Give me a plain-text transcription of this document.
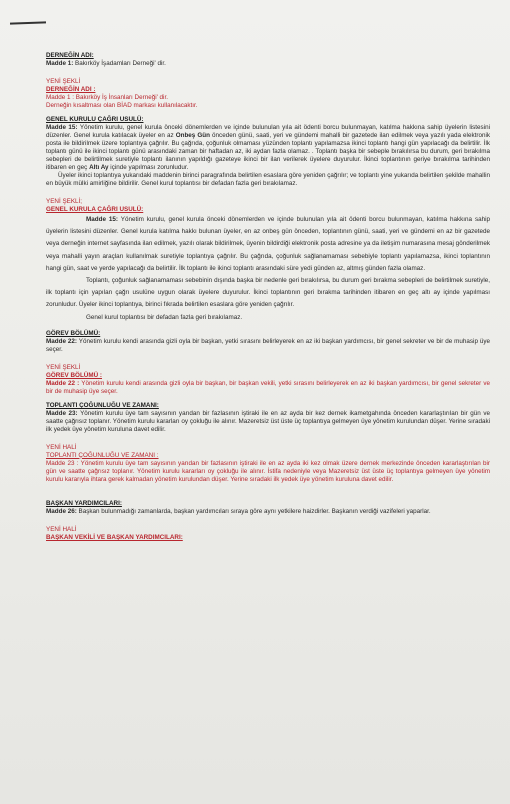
DERNEĞİN ADI:

Madde 1: Bakırköy İşadamları Derneği' dir.

YENİ ŞEKLİ
DERNEĞİN ADI :

Madde 1 : Bakırköy İş İnsanları Derneği' dir.

Derneğin kısaltması olan BİAD markası kullanılacaktır.

GENEL KURULU ÇAĞRI USULÜ:

Madde 15: Yönetim kurulu, genel kurula önceki dönemlerden ve içinde bulunulan yıla ait ödenti borcu bulunmayan, katılma hakkına sahip üyelerin listesini düzenler. Genel kurula katılacak üyeler en az Onbeş Gün önceden günü, saati, yeri ve gündemi mahalli bir gazetede ilan edilmek veya yazılı yada elektronik posta ile bildirilmek üzere toplantıya çağrılır. Bu çağrıda, çoğunluk olmaması yüzünden toplantı yapılamazsa ikinci toplantı hangi gün yapılacağı da belirtilir. İlk toplantı günü ile ikinci toplantı günü arasındaki zaman bir haftadan az, iki aydan fazla olamaz. . Toplantı başka bir sebeple bırakılırsa bu durum, geri bırakılma sebepleri de belirtilmek suretiyle toplantı ilanının yapıldığı gazeteye ikinci bir ilan verilerek üyelere duyurulur. İkinci toplantının geriye bırakılma tarihinden itibaren en geç Altı Ay içinde yapılması zorunludur.

Üyeler ikinci toplantıya yukarıdaki maddenin birinci paragrafında belirtilen esaslara göre yeniden çağrılır; ve toplantı yine yukarıda belirtilen şekilde mahallin en büyük mülki amirliğine bildirilir. Genel kurul toplantısı bir defadan fazla geri bırakılamaz.

YENİ ŞEKLİ;
GENEL KURULA ÇAĞRI USULÜ:

Madde 15: Yönetim kurulu, genel kurula önceki dönemlerden ve içinde bulunulan yıla ait ödenti borcu bulunmayan, katılma hakkına sahip üyelerin listesini düzenler. Genel kurula katılma hakkı bulunan üyeler, en az onbeş gün önceden, toplantının günü, saati, yeri ve gündemi en az bir gazetede veya derneğin internet sayfasında ilan edilmek, yazılı olarak bildirilmek, üyenin bildirdiği elektronik posta adresine ya da iletişim numarasına mesaj gönderilmek veya mahalli yayın araçları kullanılmak suretiyle toplantıya çağrılır. Bu çağrıda, çoğunluk sağlanamaması sebebiyle toplantı yapılamazsa, ikinci toplantının hangi gün, saat ve yerde yapılacağı da belirtilir. İlk toplantı ile ikinci toplantı arasındaki süre yedi günden az, altmış günden fazla olamaz.

Toplantı, çoğunluk sağlanamaması sebebinin dışında başka bir nedenle geri bırakılırsa, bu durum geri bırakma sebepleri de belirtilmek suretiyle, ilk toplantı için yapılan çağrı usulüne uygun olarak üyelere duyurulur. İkinci toplantının geri bırakma tarihinden itibaren en geç altı ay içinde yapılması zorunludur. Üyeler ikinci toplantıya, birinci fıkrada belirtilen esaslara göre yeniden çağrılır.

Genel kurul toplantısı bir defadan fazla geri bırakılamaz.

GÖREV BÖLÜMÜ:

Madde 22: Yönetim kurulu kendi arasında gizli oyla bir başkan, yetki sırasını belirleyerek en az iki başkan yardımcısı, bir genel sekreter ve bir de muhasip üye seçer.

YENİ ŞEKLİ
GÖREV BÖLÜMÜ :

Madde 22 : Yönetim kurulu kendi arasında gizli oyla bir başkan, bir başkan vekili, yetki sırasını belirleyerek en az iki başkan yardımcısı, bir genel sekreter ve bir de muhasip üye seçer.

TOPLANTI ÇOĞUNLUĞU VE ZAMANI:

Madde 23: Yönetim kurulu üye tam sayısının yarıdan bir fazlasının iştiraki ile en az ayda bir kez dernek ikametgahında önceden kararlaştırılan bir gün ve saatte çağrısız toplanır. Yönetim kurulu kararları oy çokluğu ile alınır. Mazeretsiz üst üste üç toplantıya gelmeyen üye yönetim kurulundan düşer. Yerine sıradaki ilk yedek üye yönetim kuruluna davet edilir.

YENİ HALİ
TOPLANTI ÇOĞUNLUĞU VE ZAMANI :

Madde 23 : Yönetim kurulu üye tam sayısının yarıdan bir fazlasının iştiraki ile en az ayda iki kez olmak üzere dernek merkezinde önceden kararlaştırılan bir gün ve saatte çağrısız toplanır. Yönetim kurulu kararları oy çokluğu ile alınır. İstifa nedeniyle veya Mazeretsiz üst üste üç toplantıya gelmeyen üye yönetim kurulu kararıyla ihtara gerek kalmadan yönetim kurulundan düşer. Yerine sıradaki ilk yedek üye yönetim kuruluna davet edilir.

BAŞKAN YARDIMCILARI:

Madde 26: Başkan bulunmadığı zamanlarda, başkan yardımcıları sıraya göre aynı yetkilere haizdirler. Başkanın verdiği vazifeleri yaparlar.

YENİ HALİ
BAŞKAN VEKİLİ VE BAŞKAN YARDIMCILARI:
